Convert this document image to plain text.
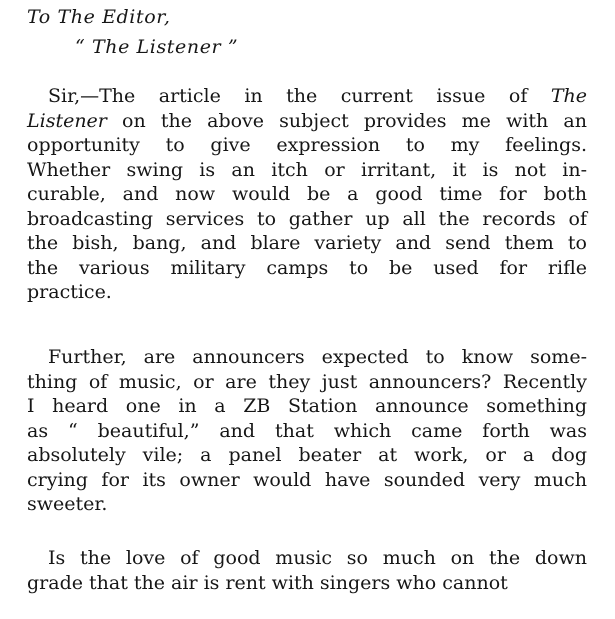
To The Editor,
“ The Listener ”
Sir,—The article in the current issue of The
Listener on the above subject provides me with an
opportunity to give expression to my feelings.
Whether swing is an itch or irritant, it is not in-
curable, and now would be a good time for both
broadcasting services to gather up all the records of
the bish, bang, and blare variety and send them to
the various military camps to be used for rifle
practice.
Further, are announcers expected to know some-
thing of music, or are they just announcers? Recently
I heard one in a ZB Station announce something
as “ beautiful,” and that which came forth was
absolutely vile; a panel beater at work, or a dog
crying for its owner would have sounded very much
sweeter.
Is the love of good music so much on the down
grade that the air is rent with singers who cannot
